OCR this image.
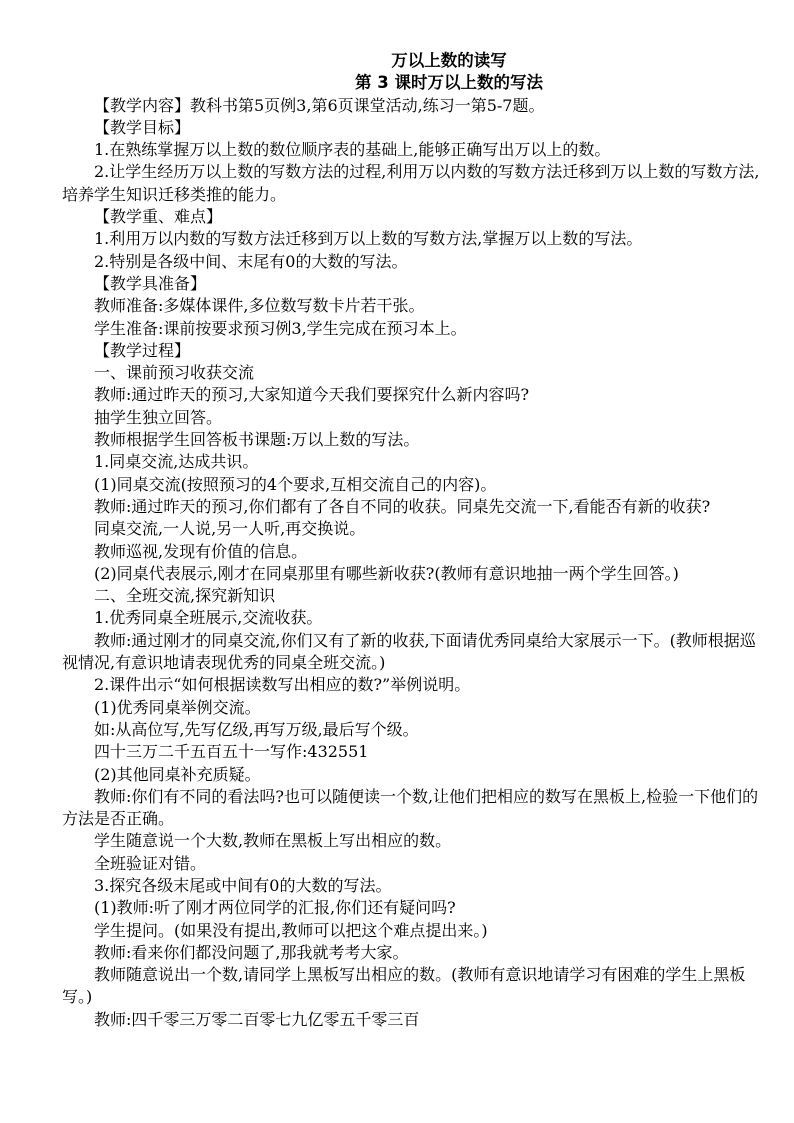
万以上数的读写
第 3 课时万以上数的写法

【教学内容】教科书第5页例3,第6页课堂活动,练习一第5-7题。

【教学目标】

1.在熟练掌握万以上数的数位顺序表的基础上,能够正确写出万以上的数。

2.让学生经历万以上数的写数方法的过程,利用万以内数的写数方法迁移到万以上数的写数方法,培养学生知识迁移类推的能力。

【教学重、难点】

1.利用万以内数的写数方法迁移到万以上数的写数方法,掌握万以上数的写法。

2.特别是各级中间、末尾有0的大数的写法。

【教学具准备】

教师准备:多媒体课件,多位数写数卡片若干张。

学生准备:课前按要求预习例3,学生完成在预习本上。

【教学过程】

一、课前预习收获交流

教师:通过昨天的预习,大家知道今天我们要探究什么新内容吗?

抽学生独立回答。

教师根据学生回答板书课题:万以上数的写法。

1.同桌交流,达成共识。

(1)同桌交流(按照预习的4个要求,互相交流自己的内容)。

教师:通过昨天的预习,你们都有了各自不同的收获。同桌先交流一下,看能否有新的收获?

同桌交流,一人说,另一人听,再交换说。

教师巡视,发现有价值的信息。

(2)同桌代表展示,刚才在同桌那里有哪些新收获?(教师有意识地抽一两个学生回答。)

二、全班交流,探究新知识

1.优秀同桌全班展示,交流收获。

教师:通过刚才的同桌交流,你们又有了新的收获,下面请优秀同桌给大家展示一下。(教师根据巡视情况,有意识地请表现优秀的同桌全班交流。)

2.课件出示“如何根据读数写出相应的数?”举例说明。

(1)优秀同桌举例交流。

如:从高位写,先写亿级,再写万级,最后写个级。

四十三万二千五百五十一写作:432551

(2)其他同桌补充质疑。

教师:你们有不同的看法吗?也可以随便读一个数,让他们把相应的数写在黑板上,检验一下他们的方法是否正确。

学生随意说一个大数,教师在黑板上写出相应的数。

全班验证对错。

3.探究各级末尾或中间有0的大数的写法。

(1)教师:听了刚才两位同学的汇报,你们还有疑问吗?

学生提问。(如果没有提出,教师可以把这个难点提出来。)

教师:看来你们都没问题了,那我就考考大家。

教师随意说出一个数,请同学上黑板写出相应的数。(教师有意识地请学习有困难的学生上黑板写。)

教师:四千零三万零二百零七九亿零五千零三百
